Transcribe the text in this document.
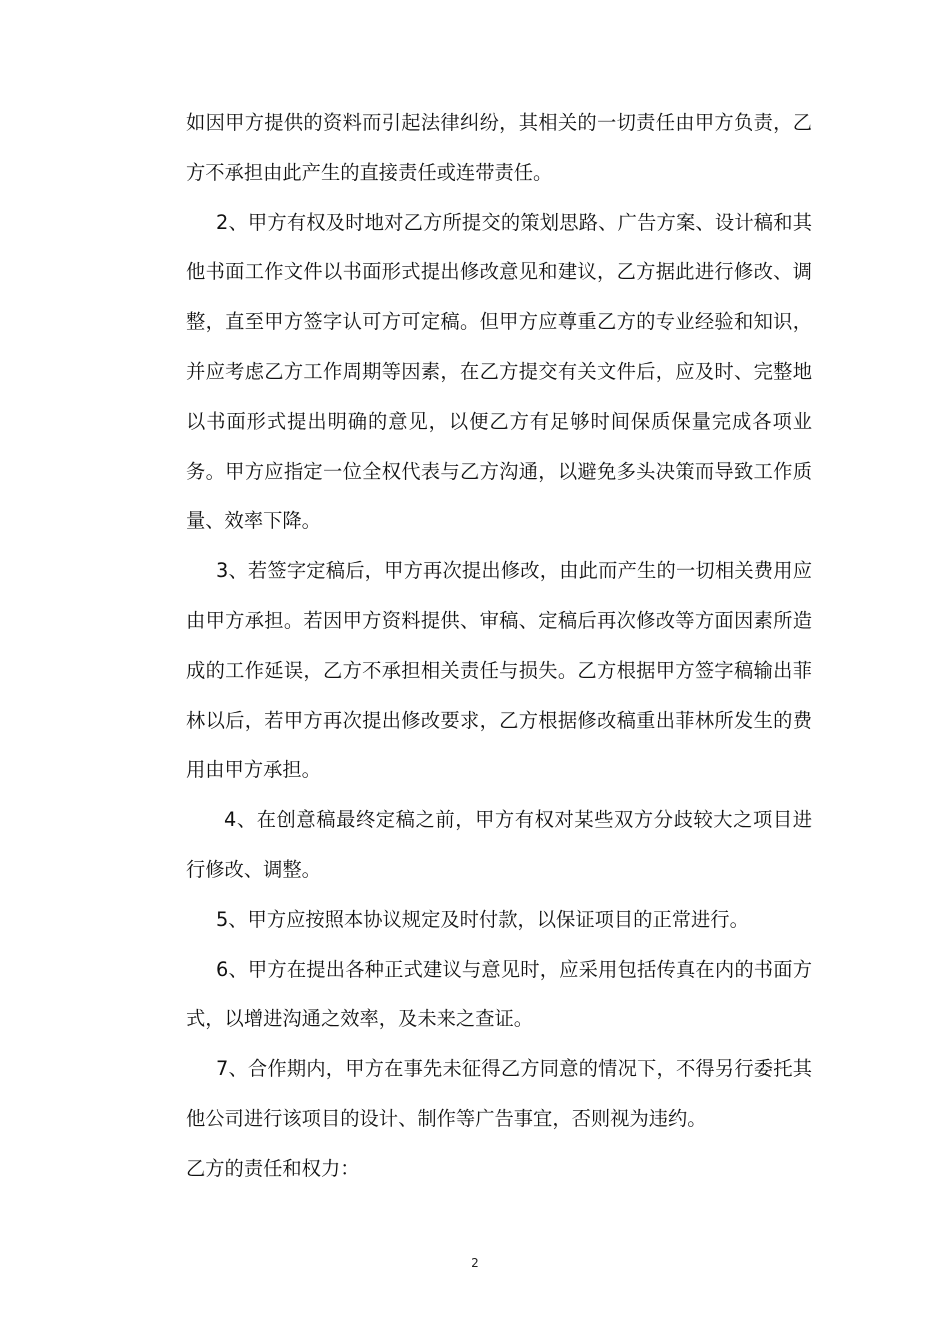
如因甲方提供的资料而引起法律纠纷，其相关的一切责任由甲方负责，乙方不承担由此产生的直接责任或连带责任。

2、甲方有权及时地对乙方所提交的策划思路、广告方案、设计稿和其他书面工作文件以书面形式提出修改意见和建议，乙方据此进行修改、调整，直至甲方签字认可方可定稿。但甲方应尊重乙方的专业经验和知识，并应考虑乙方工作周期等因素，在乙方提交有关文件后，应及时、完整地以书面形式提出明确的意见，以便乙方有足够时间保质保量完成各项业务。甲方应指定一位全权代表与乙方沟通，以避免多头决策而导致工作质量、效率下降。

3、若签字定稿后，甲方再次提出修改，由此而产生的一切相关费用应由甲方承担。若因甲方资料提供、审稿、定稿后再次修改等方面因素所造成的工作延误，乙方不承担相关责任与损失。乙方根据甲方签字稿输出菲林以后，若甲方再次提出修改要求，乙方根据修改稿重出菲林所发生的费用由甲方承担。

4、在创意稿最终定稿之前，甲方有权对某些双方分歧较大之项目进行修改、调整。

5、甲方应按照本协议规定及时付款，以保证项目的正常进行。

6、甲方在提出各种正式建议与意见时，应采用包括传真在内的书面方式，以增进沟通之效率，及未来之查证。

7、合作期内，甲方在事先未征得乙方同意的情况下，不得另行委托其他公司进行该项目的设计、制作等广告事宜，否则视为违约。

乙方的责任和权力：

2
